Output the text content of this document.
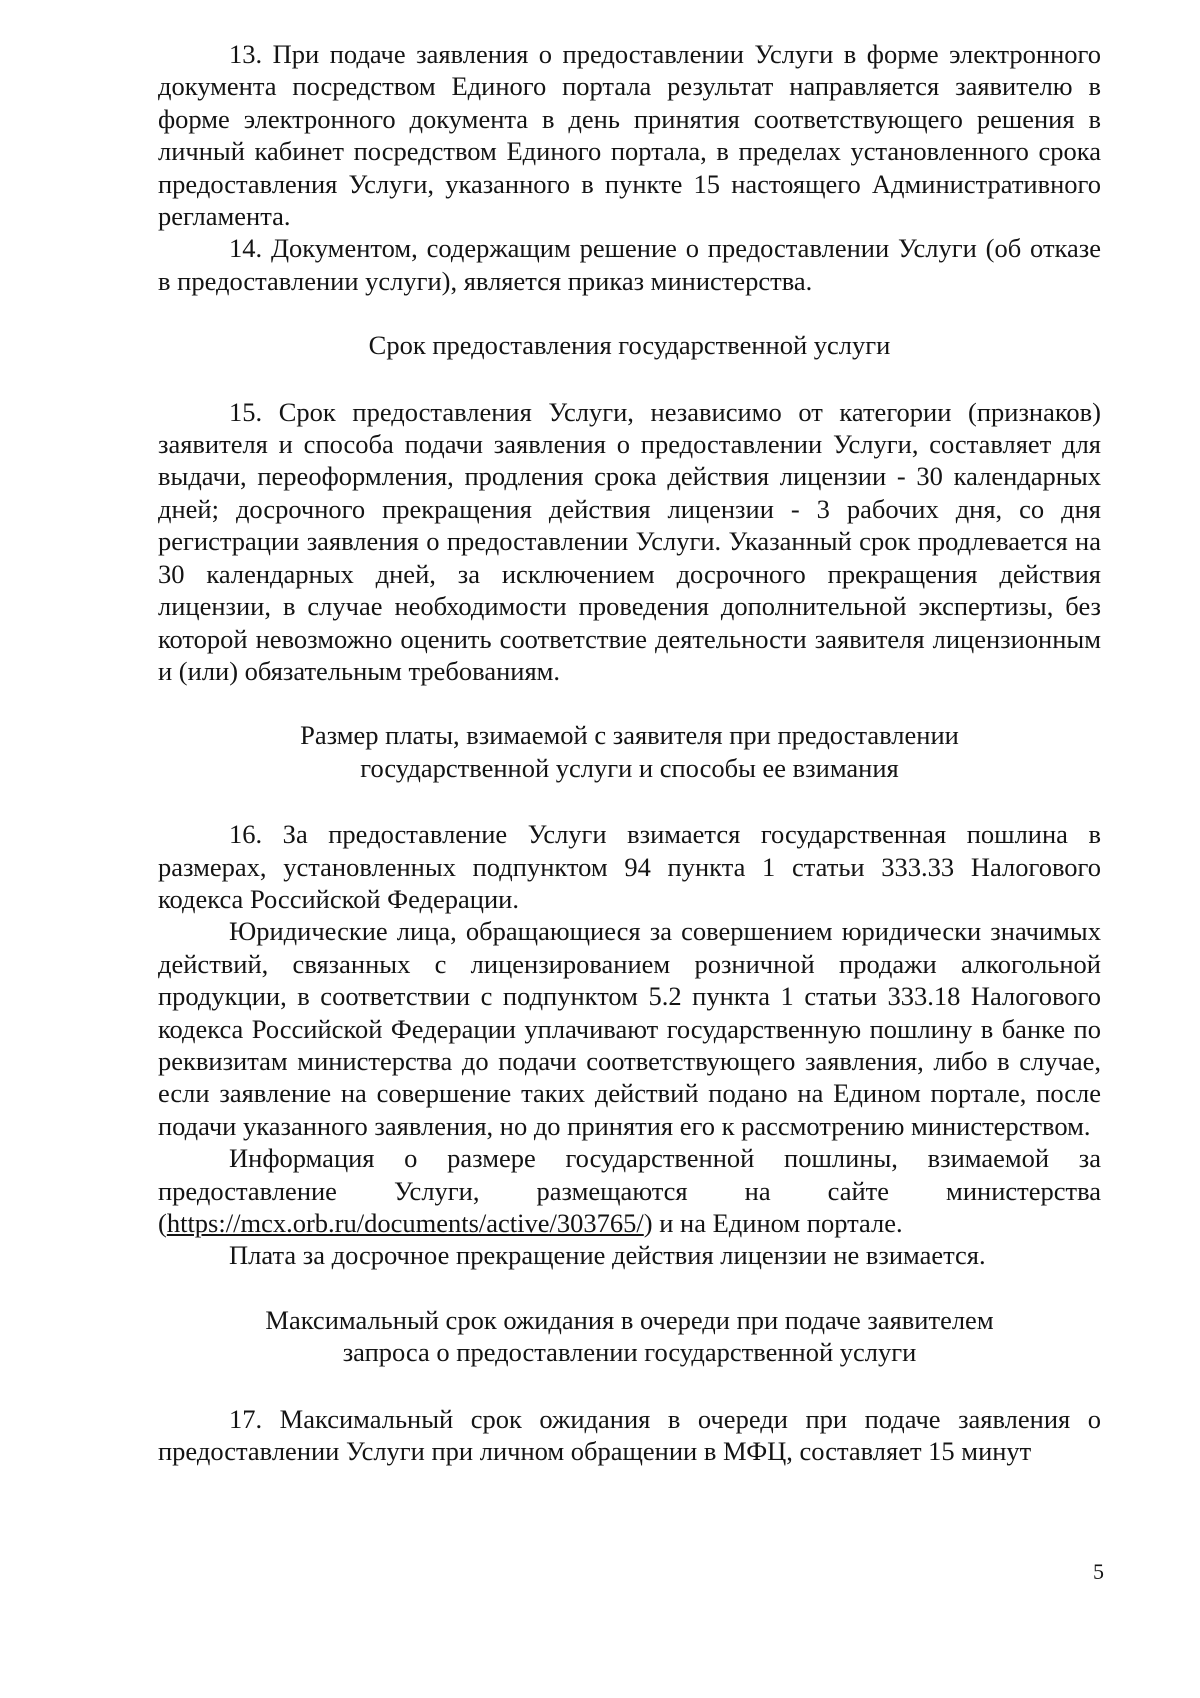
13. При подаче заявления о предоставлении Услуги в форме электронного документа посредством Единого портала результат направляется заявителю в форме электронного документа в день принятия соответствующего решения в личный кабинет посредством Единого портала, в пределах установленного срока предоставления Услуги, указанного в пункте 15 настоящего Административного регламента.

14. Документом, содержащим решение о предоставлении Услуги (об отказе в предоставлении услуги), является приказ министерства.

Срок предоставления государственной услуги

15. Срок предоставления Услуги, независимо от категории (признаков) заявителя и способа подачи заявления о предоставлении Услуги, составляет для выдачи, переоформления, продления срока действия лицензии - 30 календарных дней; досрочного прекращения действия лицензии - 3 рабочих дня, со дня регистрации заявления о предоставлении Услуги. Указанный срок продлевается на 30 календарных дней, за исключением досрочного прекращения действия лицензии, в случае необходимости проведения дополнительной экспертизы, без которой невозможно оценить соответствие деятельности заявителя лицензионным и (или) обязательным требованиям.

Размер платы, взимаемой с заявителя при предоставлении
государственной услуги и способы ее взимания

16. За предоставление Услуги взимается государственная пошлина в размерах, установленных подпунктом 94 пункта 1 статьи 333.33 Налогового кодекса Российской Федерации.

Юридические лица, обращающиеся за совершением юридически значимых действий, связанных с лицензированием розничной продажи алкогольной продукции, в соответствии с подпунктом 5.2 пункта 1 статьи 333.18 Налогового кодекса Российской Федерации уплачивают государственную пошлину в банке по реквизитам министерства до подачи соответствующего заявления, либо в случае, если заявление на совершение таких действий подано на Едином портале, после подачи указанного заявления, но до принятия его к рассмотрению министерством.

Информация о размере государственной пошлины, взимаемой за предоставление Услуги, размещаются на сайте министерства (https://mcx.orb.ru/documents/active/303765/) и на Едином портале.

Плата за досрочное прекращение действия лицензии не взимается.

Максимальный срок ожидания в очереди при подаче заявителем
запроса о предоставлении государственной услуги

17. Максимальный срок ожидания в очереди при подаче заявления о предоставлении Услуги при личном обращении в МФЦ, составляет 15 минут

5
